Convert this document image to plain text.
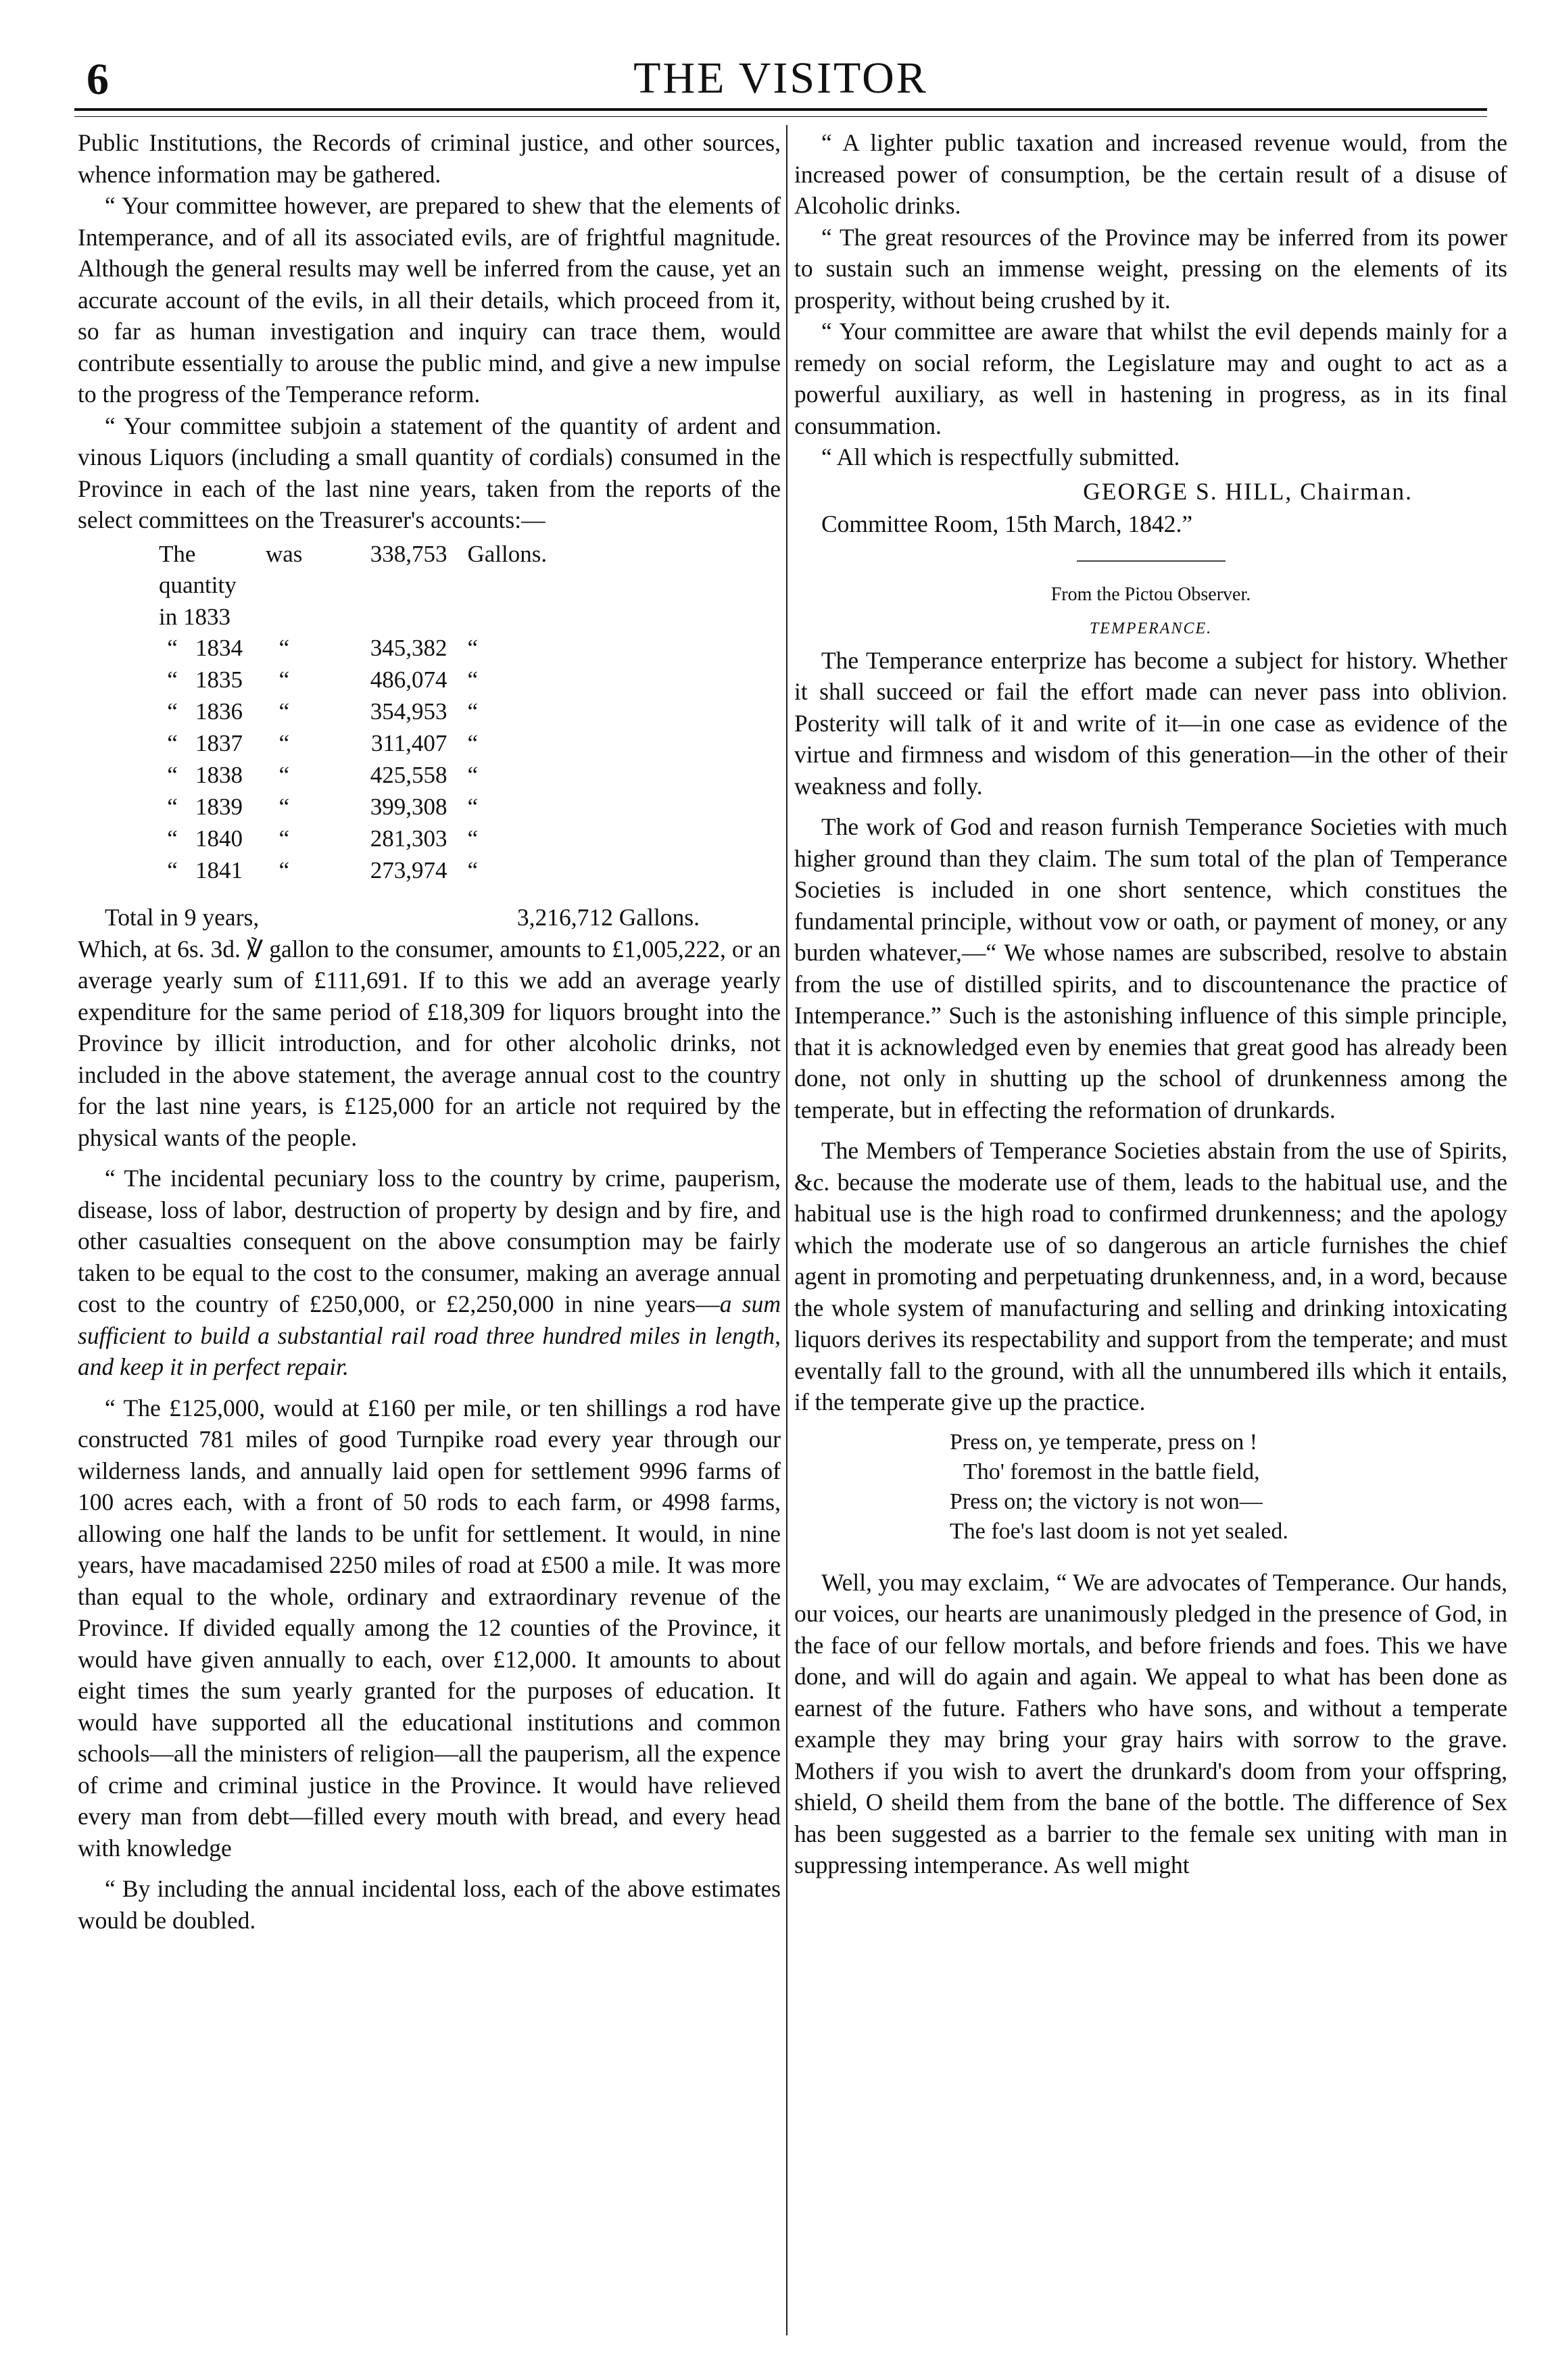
6	THE VISITOR

Public Institutions, the Records of criminal justice, and other sources, whence information may be gathered.

“ Your committee however, are prepared to shew that the elements of Intemperance, and of all its associated evils, are of frightful magnitude. Although the general results may well be inferred from the cause, yet an accurate account of the evils, in all their details, which proceed from it, so far as human investigation and inquiry can trace them, would contribute essentially to arouse the public mind, and give a new impulse to the progress of the Temperance reform.

“ Your committee subjoin a statement of the quantity of ardent and vinous Liquors (including a small quantity of cordials) consumed in the Province in each of the last nine years, taken from the reports of the select committees on the Treasurer's accounts:—

The quantity in 1833		was	338,753	Gallons.
“	1834	“	345,382	“
“	1835	“	486,074	“
“	1836	“	354,953	“
“	1837	“	311,407	“
“	1838	“	425,558	“
“	1839	“	399,308	“
“	1840	“	281,303	“
“	1841	“	273,974	“
Total in 9 years,	3,216,712 Gallons.

Which, at 6s. 3d. ℣ gallon to the consumer, amounts to £1,005,222, or an average yearly sum of £111,691. If to this we add an average yearly expenditure for the same period of £18,309 for liquors brought into the Province by illicit introduction, and for other alcoholic drinks, not included in the above statement, the average annual cost to the country for the last nine years, is £125,000 for an article not required by the physical wants of the people.

“ The incidental pecuniary loss to the country by crime, pauperism, disease, loss of labor, destruction of property by design and by fire, and other casualties consequent on the above consumption may be fairly taken to be equal to the cost to the consumer, making an average annual cost to the country of £250,000, or £2,250,000 in nine years—a sum sufficient to build a substantial rail road three hundred miles in length, and keep it in perfect repair.

“ The £125,000, would at £160 per mile, or ten shillings a rod have constructed 781 miles of good Turnpike road every year through our wilderness lands, and annually laid open for settlement 9996 farms of 100 acres each, with a front of 50 rods to each farm, or 4998 farms, allowing one half the lands to be unfit for settlement. It would, in nine years, have macadamised 2250 miles of road at £500 a mile. It was more than equal to the whole, ordinary and extraordinary revenue of the Province. If divided equally among the 12 counties of the Province, it would have given annually to each, over £12,000. It amounts to about eight times the sum yearly granted for the purposes of education. It would have supported all the educational institutions and common schools—all the ministers of religion—all the pauperism, all the expence of crime and criminal justice in the Province. It would have relieved every man from debt—filled every mouth with bread, and every head with knowledge

“ By including the annual incidental loss, each of the above estimates would be doubled.

“ A lighter public taxation and increased revenue would, from the increased power of consumption, be the certain result of a disuse of Alcoholic drinks.

“ The great resources of the Province may be inferred from its power to sustain such an immense weight, pressing on the elements of its prosperity, without being crushed by it.

“ Your committee are aware that whilst the evil depends mainly for a remedy on social reform, the Legislature may and ought to act as a powerful auxiliary, as well in hastening in progress, as in its final consummation.

“ All which is respectfully submitted.

GEORGE S. HILL, Chairman.
Committee Room, 15th March, 1842.”
From the Pictou Observer.
TEMPERANCE.

The Temperance enterprize has become a subject for history. Whether it shall succeed or fail the effort made can never pass into oblivion. Posterity will talk of it and write of it—in one case as evidence of the virtue and firmness and wisdom of this generation—in the other of their weakness and folly.

The work of God and reason furnish Temperance Societies with much higher ground than they claim. The sum total of the plan of Temperance Societies is included in one short sentence, which constitues the fundamental principle, without vow or oath, or payment of money, or any burden whatever,—“ We whose names are subscribed, resolve to abstain from the use of distilled spirits, and to discountenance the practice of Intemperance.” Such is the astonishing influence of this simple principle, that it is acknowledged even by enemies that great good has already been done, not only in shutting up the school of drunkenness among the temperate, but in effecting the reformation of drunkards.

The Members of Temperance Societies abstain from the use of Spirits, &c. because the moderate use of them, leads to the habitual use, and the habitual use is the high road to confirmed drunkenness; and the apology which the moderate use of so dangerous an article furnishes the chief agent in promoting and perpetuating drunkenness, and, in a word, because the whole system of manufacturing and selling and drinking intoxicating liquors derives its respectability and support from the temperate; and must eventally fall to the ground, with all the unnumbered ills which it entails, if the temperate give up the practice.

Press on, ye temperate, press on !
Tho' foremost in the battle field,
Press on; the victory is not won—
The foe's last doom is not yet sealed.

Well, you may exclaim, “ We are advocates of Temperance. Our hands, our voices, our hearts are unanimously pledged in the presence of God, in the face of our fellow mortals, and before friends and foes. This we have done, and will do again and again. We appeal to what has been done as earnest of the future. Fathers who have sons, and without a temperate example they may bring your gray hairs with sorrow to the grave. Mothers if you wish to avert the drunkard's doom from your offspring, shield, O sheild them from the bane of the bottle. The difference of Sex has been suggested as a barrier to the female sex uniting with man in suppressing intemperance. As well might
